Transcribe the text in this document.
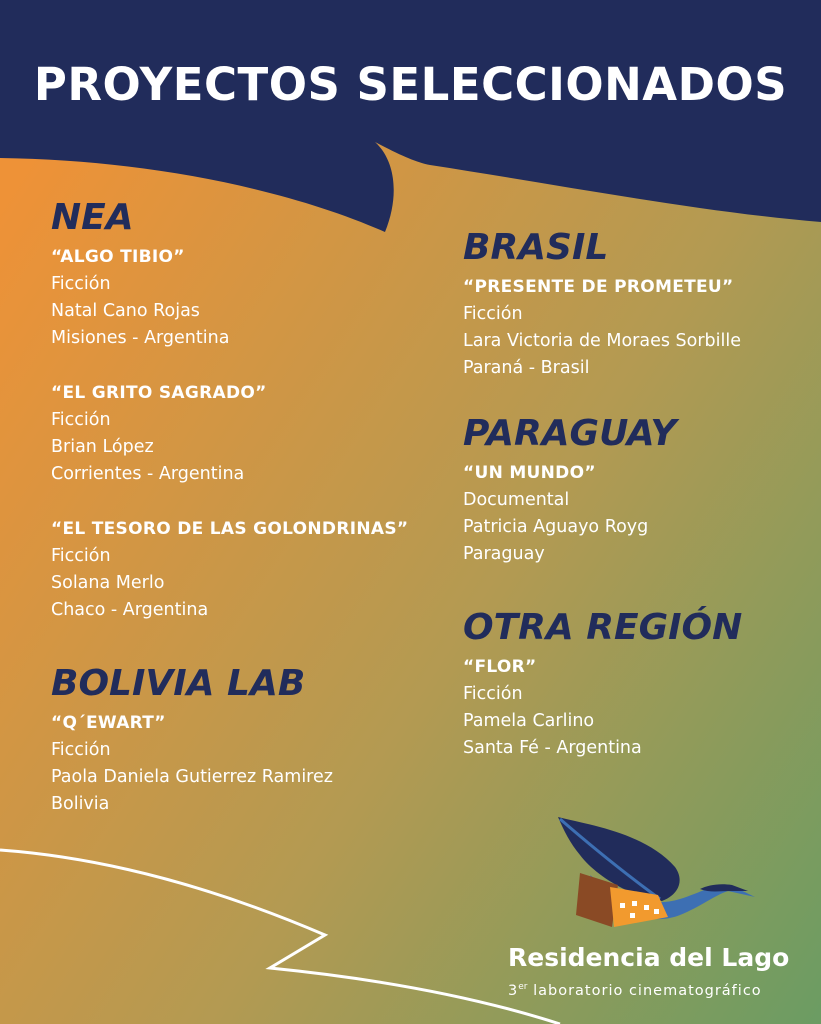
PROYECTOS SELECCIONADOS
NEA
“ALGO TIBIO”
Ficción
Natal Cano Rojas
Misiones - Argentina
“EL GRITO SAGRADO”
Ficción
Brian López
Corrientes - Argentina
“EL TESORO DE LAS GOLONDRINAS”
Ficción
Solana Merlo
Chaco - Argentina
BOLIVIA LAB
“Q´EWART”
Ficción
Paola Daniela Gutierrez Ramirez
Bolivia
BRASIL
“PRESENTE DE PROMETEU”
Ficción
Lara Victoria de Moraes Sorbille
Paraná - Brasil
PARAGUAY
“UN MUNDO”
Documental
Patricia Aguayo Royg
Paraguay
OTRA REGIÓN
“FLOR”
Ficción
Pamela Carlino
Santa Fé - Argentina
Residencia del Lago
3er laboratorio cinematográfico
